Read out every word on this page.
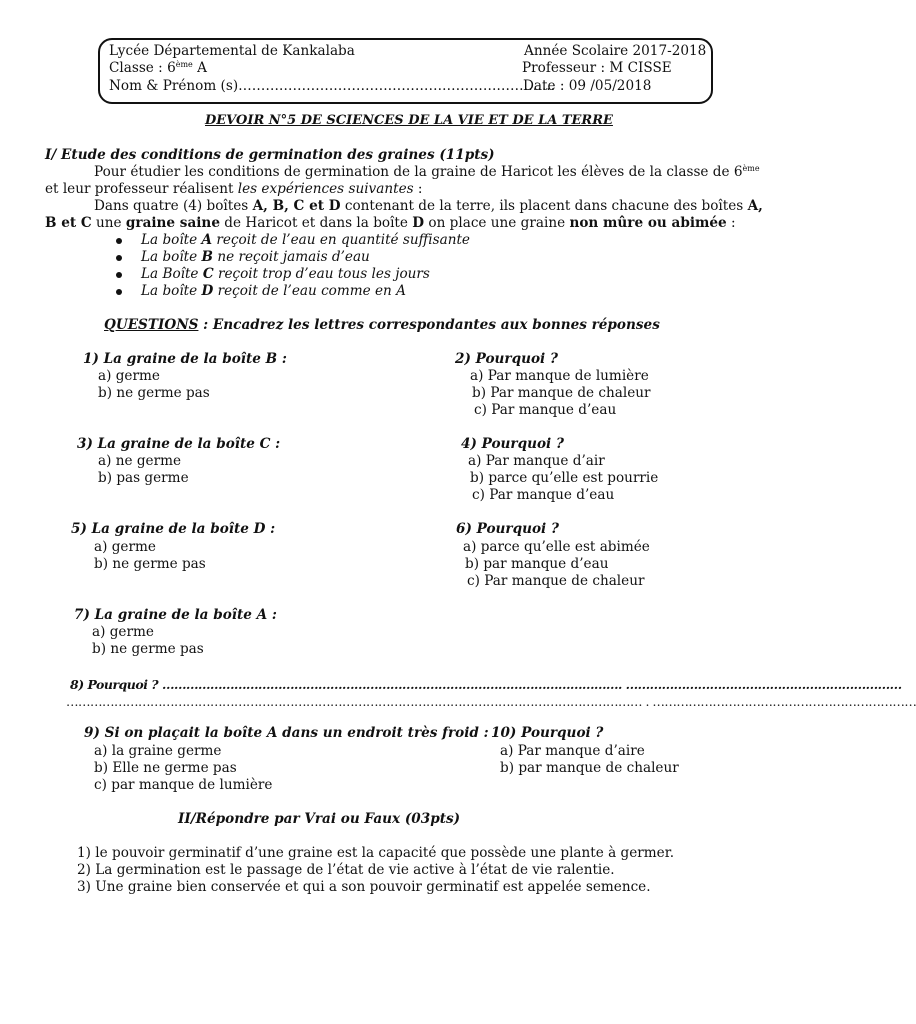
Lycée Départemental de Kankalaba
Classe : 6ème A
Nom & Prénom (s)…………………………………………………………….
Année Scolaire 2017-2018
Professeur : M CISSE
Date : 09 /05/2018
DEVOIR N°5 DE SCIENCES DE LA VIE ET DE LA TERRE
I/ Etude des conditions de germination des graines (11pts)
Pour étudier les conditions de germination de la graine de Haricot les élèves de la classe de 6ème
et leur professeur réalisent les expériences suivantes :
Dans quatre (4) boîtes A, B, C et D contenant de la terre, ils placent dans chacune des boîtes A,
B et C une graine saine de Haricot et dans la boîte D on place une graine non mûre ou abimée :
La boîte A reçoit de l’eau en quantité suffisante
La boîte B ne reçoit jamais d’eau
La Boîte C reçoit trop d’eau tous les jours
La boîte D reçoit de l’eau comme en A
QUESTIONS : Encadrez les lettres correspondantes aux bonnes réponses
1) La graine de la boîte B :
a) germe
b) ne germe pas
2) Pourquoi ?
a) Par manque de lumière
b) Par manque de chaleur
c) Par manque d’eau
3) La graine de la boîte C :
a) ne germe
b) pas germe
4) Pourquoi ?
a) Par manque d’air
b) parce qu’elle est pourrie
c) Par manque d’eau
5) La graine de la boîte D :
a) germe
b) ne germe pas
6) Pourquoi ?
a) parce qu’elle est abimée
b) par manque d’eau
c) Par manque de chaleur
7) La graine de la boîte A :
a) germe
b) ne germe pas
8) Pourquoi ? ……………………………………………………………………………………………………. ……………………………………………………………
……………………………………………………………………………………………………………………………… . …………………………………………………………
9) Si on plaçait la boîte A dans un endroit très froid :
a) la graine germe
b) Elle ne germe pas
c) par manque de lumière
10) Pourquoi ?
a) Par manque d’aire
b) par manque de chaleur
II/Répondre par Vrai ou Faux (03pts)
1) le pouvoir germinatif d’une graine est la capacité que possède une plante à germer.
2) La germination est le passage de l’état de vie active à l’état de vie ralentie.
3) Une graine bien conservée et qui a son pouvoir germinatif est appelée semence.
